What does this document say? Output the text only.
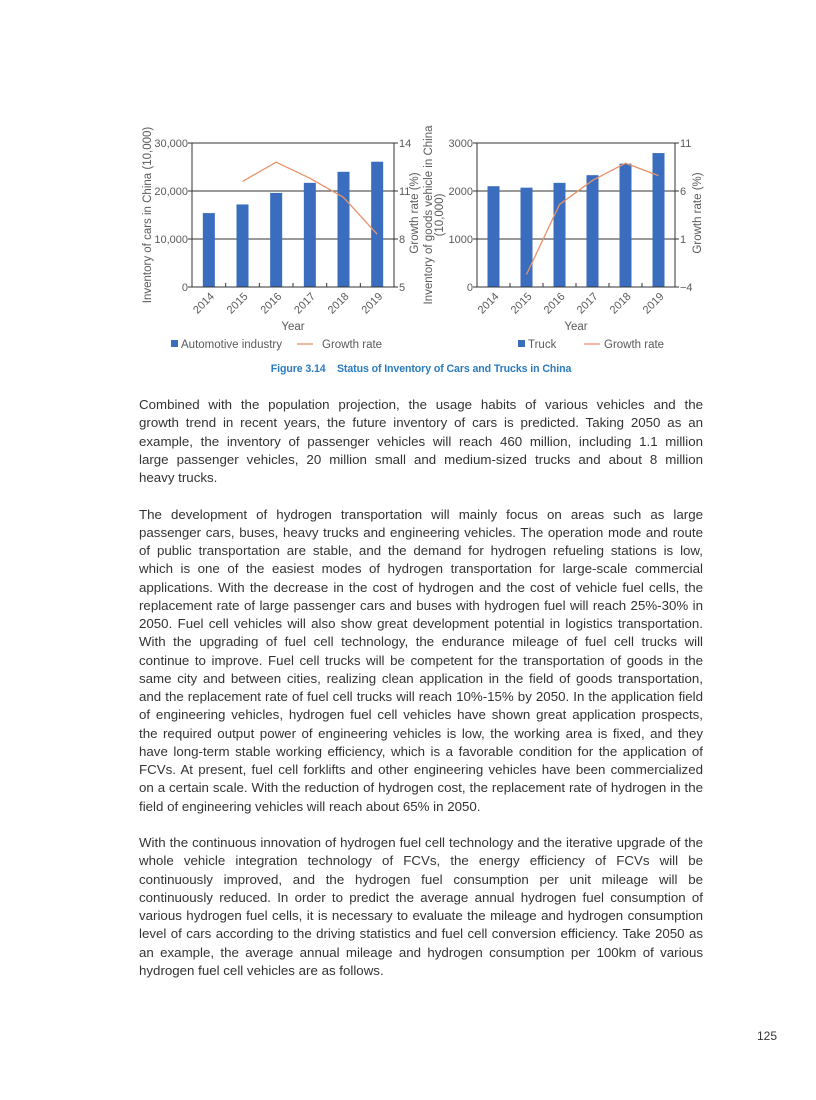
0
10,000
20,000
30,000
5
8
11
14
2014 2015 2016 2017 2018 2019
Year
Inventory of cars in China (10,000)	Growth rate (%)
Automotive industry	Growth rate
0
1000
2000
3000
−4
1
6
11
2014 2015 2016 2017 2018 2019
Year
Inventory of goods vehicle in China (10,000)	Growth rate (%)
Truck	Growth rate
Figure 3.14 Status of Inventory of Cars and Trucks in China
Combined with the population projection, the usage habits of various vehicles and the
growth trend in recent years, the future inventory of cars is predicted. Taking 2050 as an
example, the inventory of passenger vehicles will reach 460 million, including 1.1 million
large passenger vehicles, 20 million small and medium-sized trucks and about 8 million
heavy trucks.
The development of hydrogen transportation will mainly focus on areas such as large
passenger cars, buses, heavy trucks and engineering vehicles. The operation mode and route
of public transportation are stable, and the demand for hydrogen refueling stations is low,
which is one of the easiest modes of hydrogen transportation for large-scale commercial
applications. With the decrease in the cost of hydrogen and the cost of vehicle fuel cells, the
replacement rate of large passenger cars and buses with hydrogen fuel will reach 25%-30% in
2050. Fuel cell vehicles will also show great development potential in logistics transportation.
With the upgrading of fuel cell technology, the endurance mileage of fuel cell trucks will
continue to improve. Fuel cell trucks will be competent for the transportation of goods in the
same city and between cities, realizing clean application in the field of goods transportation,
and the replacement rate of fuel cell trucks will reach 10%-15% by 2050. In the application field
of engineering vehicles, hydrogen fuel cell vehicles have shown great application prospects,
the required output power of engineering vehicles is low, the working area is fixed, and they
have long-term stable working efficiency, which is a favorable condition for the application of
FCVs. At present, fuel cell forklifts and other engineering vehicles have been commercialized
on a certain scale. With the reduction of hydrogen cost, the replacement rate of hydrogen in the
field of engineering vehicles will reach about 65% in 2050.
With the continuous innovation of hydrogen fuel cell technology and the iterative upgrade of the
whole vehicle integration technology of FCVs, the energy efficiency of FCVs will be
continuously improved, and the hydrogen fuel consumption per unit mileage will be
continuously reduced. In order to predict the average annual hydrogen fuel consumption of
various hydrogen fuel cells, it is necessary to evaluate the mileage and hydrogen consumption
level of cars according to the driving statistics and fuel cell conversion efficiency. Take 2050 as
an example, the average annual mileage and hydrogen consumption per 100km of various
hydrogen fuel cell vehicles are as follows.
125
